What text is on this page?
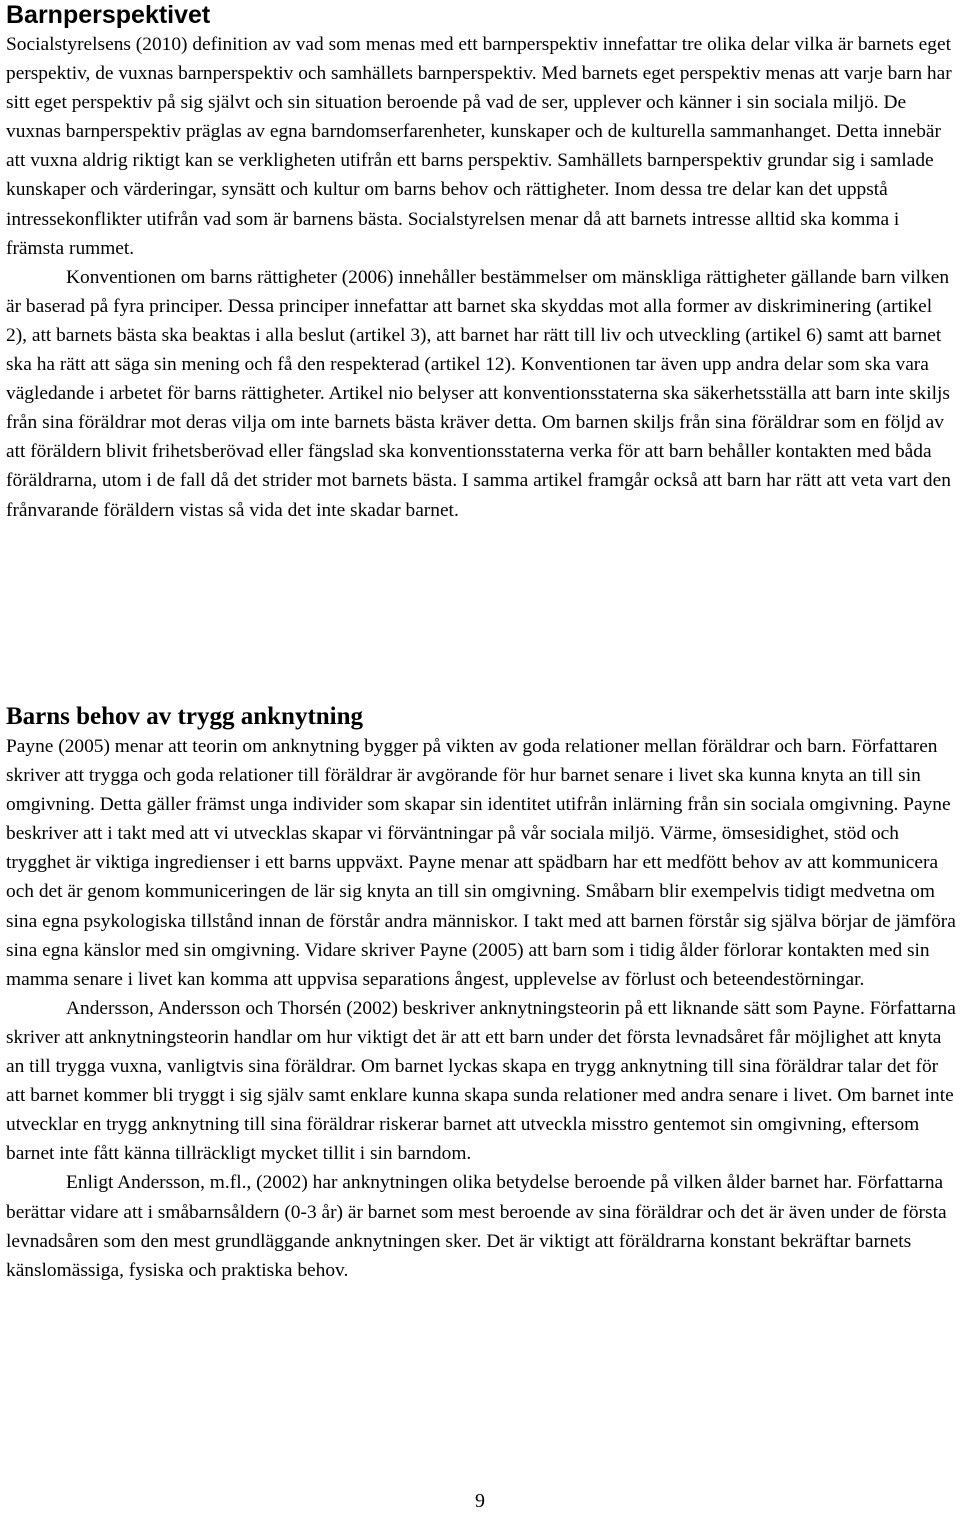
Barnperspektivet

Socialstyrelsens (2010) definition av vad som menas med ett barnperspektiv innefattar tre olika delar vilka är barnets eget perspektiv, de vuxnas barnperspektiv och samhällets barnperspektiv. Med barnets eget perspektiv menas att varje barn har sitt eget perspektiv på sig självt och sin situation beroende på vad de ser, upplever och känner i sin sociala miljö. De vuxnas barnperspektiv präglas av egna barndomserfarenheter, kunskaper och de kulturella sammanhanget. Detta innebär att vuxna aldrig riktigt kan se verkligheten utifrån ett barns perspektiv. Samhällets barnperspektiv grundar sig i samlade kunskaper och värderingar, synsätt och kultur om barns behov och rättigheter. Inom dessa tre delar kan det uppstå intressekonflikter utifrån vad som är barnens bästa. Socialstyrelsen menar då att barnets intresse alltid ska komma i främsta rummet.

Konventionen om barns rättigheter (2006) innehåller bestämmelser om mänskliga rättigheter gällande barn vilken är baserad på fyra principer. Dessa principer innefattar att barnet ska skyddas mot alla former av diskriminering (artikel 2), att barnets bästa ska beaktas i alla beslut (artikel 3), att barnet har rätt till liv och utveckling (artikel 6) samt att barnet ska ha rätt att säga sin mening och få den respekterad (artikel 12). Konventionen tar även upp andra delar som ska vara vägledande i arbetet för barns rättigheter. Artikel nio belyser att konventionsstaterna ska säkerhetsställa att barn inte skiljs från sina föräldrar mot deras vilja om inte barnets bästa kräver detta. Om barnen skiljs från sina föräldrar som en följd av att föräldern blivit frihetsberövad eller fängslad ska konventionsstaterna verka för att barn behåller kontakten med båda föräldrarna, utom i de fall då det strider mot barnets bästa. I samma artikel framgår också att barn har rätt att veta vart den frånvarande föräldern vistas så vida det inte skadar barnet.

Barns behov av trygg anknytning

Payne (2005) menar att teorin om anknytning bygger på vikten av goda relationer mellan föräldrar och barn. Författaren skriver att trygga och goda relationer till föräldrar är avgörande för hur barnet senare i livet ska kunna knyta an till sin omgivning. Detta gäller främst unga individer som skapar sin identitet utifrån inlärning från sin sociala omgivning. Payne beskriver att i takt med att vi utvecklas skapar vi förväntningar på vår sociala miljö. Värme, ömsesidighet, stöd och trygghet är viktiga ingredienser i ett barns uppväxt. Payne menar att spädbarn har ett medfött behov av att kommunicera och det är genom kommuniceringen de lär sig knyta an till sin omgivning. Småbarn blir exempelvis tidigt medvetna om sina egna psykologiska tillstånd innan de förstår andra människor. I takt med att barnen förstår sig själva börjar de jämföra sina egna känslor med sin omgivning. Vidare skriver Payne (2005) att barn som i tidig ålder förlorar kontakten med sin mamma senare i livet kan komma att uppvisa separations ångest, upplevelse av förlust och beteendestörningar.

Andersson, Andersson och Thorsén (2002) beskriver anknytningsteorin på ett liknande sätt som Payne. Författarna skriver att anknytningsteorin handlar om hur viktigt det är att ett barn under det första levnadsåret får möjlighet att knyta an till trygga vuxna, vanligtvis sina föräldrar. Om barnet lyckas skapa en trygg anknytning till sina föräldrar talar det för att barnet kommer bli tryggt i sig själv samt enklare kunna skapa sunda relationer med andra senare i livet. Om barnet inte utvecklar en trygg anknytning till sina föräldrar riskerar barnet att utveckla misstro gentemot sin omgivning, eftersom barnet inte fått känna tillräckligt mycket tillit i sin barndom.

Enligt Andersson, m.fl., (2002) har anknytningen olika betydelse beroende på vilken ålder barnet har. Författarna berättar vidare att i småbarnsåldern (0-3 år) är barnet som mest beroende av sina föräldrar och det är även under de första levnadsåren som den mest grundläggande anknytningen sker. Det är viktigt att föräldrarna konstant bekräftar barnets känslomässiga, fysiska och praktiska behov.

9
